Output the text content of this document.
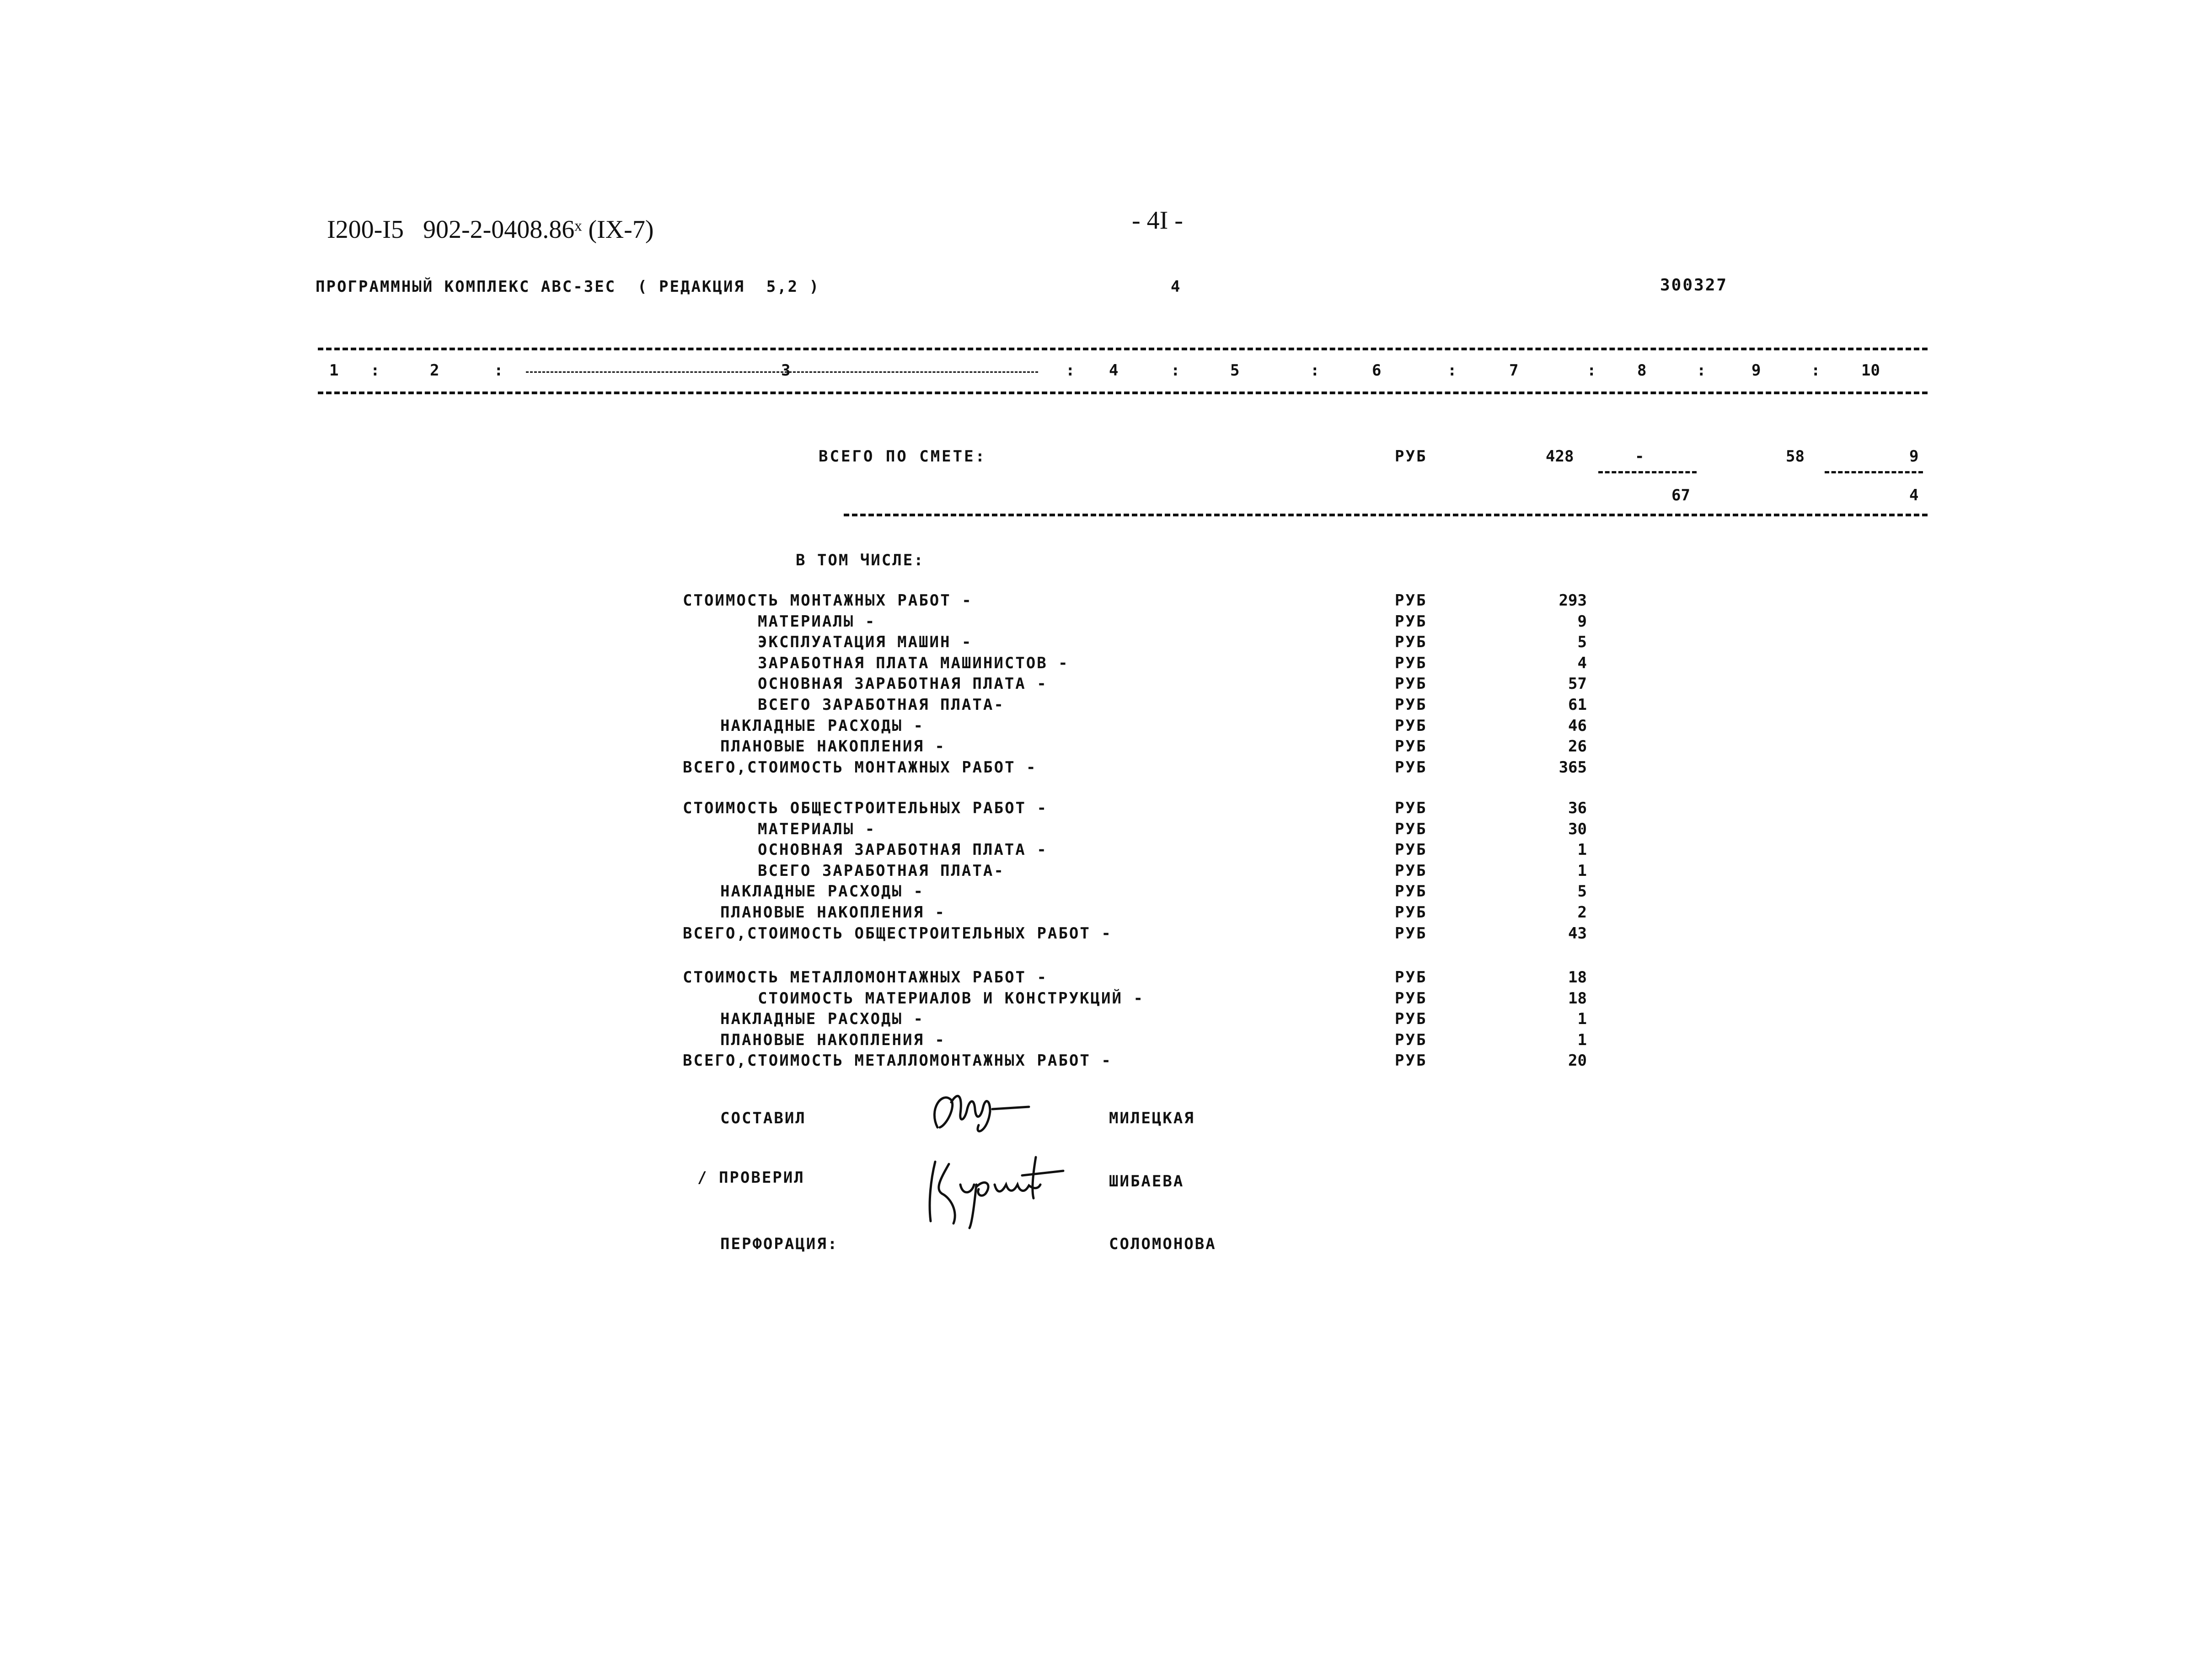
I200-I5   902-2-0408.86ˣ (IX-7)	- 4I -
ПРОГРАММНЫЙ КОМПЛЕКС АВС-ЗЕС  ( РЕДАКЦИЯ  5,2 )	4	300327
1 :	2	:	3	: 4	:	5	:	6	:	7	:	8	:	9	:	10
ВСЕГО ПО СМЕТЕ:	РУБ	428	-	58	9
67	4
В ТОМ ЧИСЛЕ:
СТОИМОСТЬ МОНТАЖНЫХ РАБОТ -	РУБ	293
МАТЕРИАЛЫ -	РУБ	9
ЭКСПЛУАТАЦИЯ МАШИН -	РУБ	5
ЗАРАБОТНАЯ ПЛАТА МАШИНИСТОВ -	РУБ	4
ОСНОВНАЯ ЗАРАБОТНАЯ ПЛАТА -	РУБ	57
ВСЕГО ЗАРАБОТНАЯ ПЛАТА-	РУБ	61
НАКЛАДНЫЕ РАСХОДЫ -	РУБ	46
ПЛАНОВЫЕ НАКОПЛЕНИЯ -	РУБ	26
ВСЕГО,СТОИМОСТЬ МОНТАЖНЫХ РАБОТ -	РУБ	365
СТОИМОСТЬ ОБЩЕСТРОИТЕЛЬНЫХ РАБОТ -	РУБ	36
МАТЕРИАЛЫ -	РУБ	30
ОСНОВНАЯ ЗАРАБОТНАЯ ПЛАТА -	РУБ	1
ВСЕГО ЗАРАБОТНАЯ ПЛАТА-	РУБ	1
НАКЛАДНЫЕ РАСХОДЫ -	РУБ	5
ПЛАНОВЫЕ НАКОПЛЕНИЯ -	РУБ	2
ВСЕГО,СТОИМОСТЬ ОБЩЕСТРОИТЕЛЬНЫХ РАБОТ -	РУБ	43
СТОИМОСТЬ МЕТАЛЛОМОНТАЖНЫХ РАБОТ -	РУБ	18
СТОИМОСТЬ МАТЕРИАЛОВ И КОНСТРУКЦИЙ -	РУБ	18
НАКЛАДНЫЕ РАСХОДЫ -	РУБ	1
ПЛАНОВЫЕ НАКОПЛЕНИЯ -	РУБ	1
ВСЕГО,СТОИМОСТЬ МЕТАЛЛОМОНТАЖНЫХ РАБОТ -	РУБ	20
СОСТАВИЛ	МИЛЕЦКАЯ
/ ПРОВЕРИЛ	ШИБАЕВА
ПЕРФОРАЦИЯ:	СОЛОМОНОВА
